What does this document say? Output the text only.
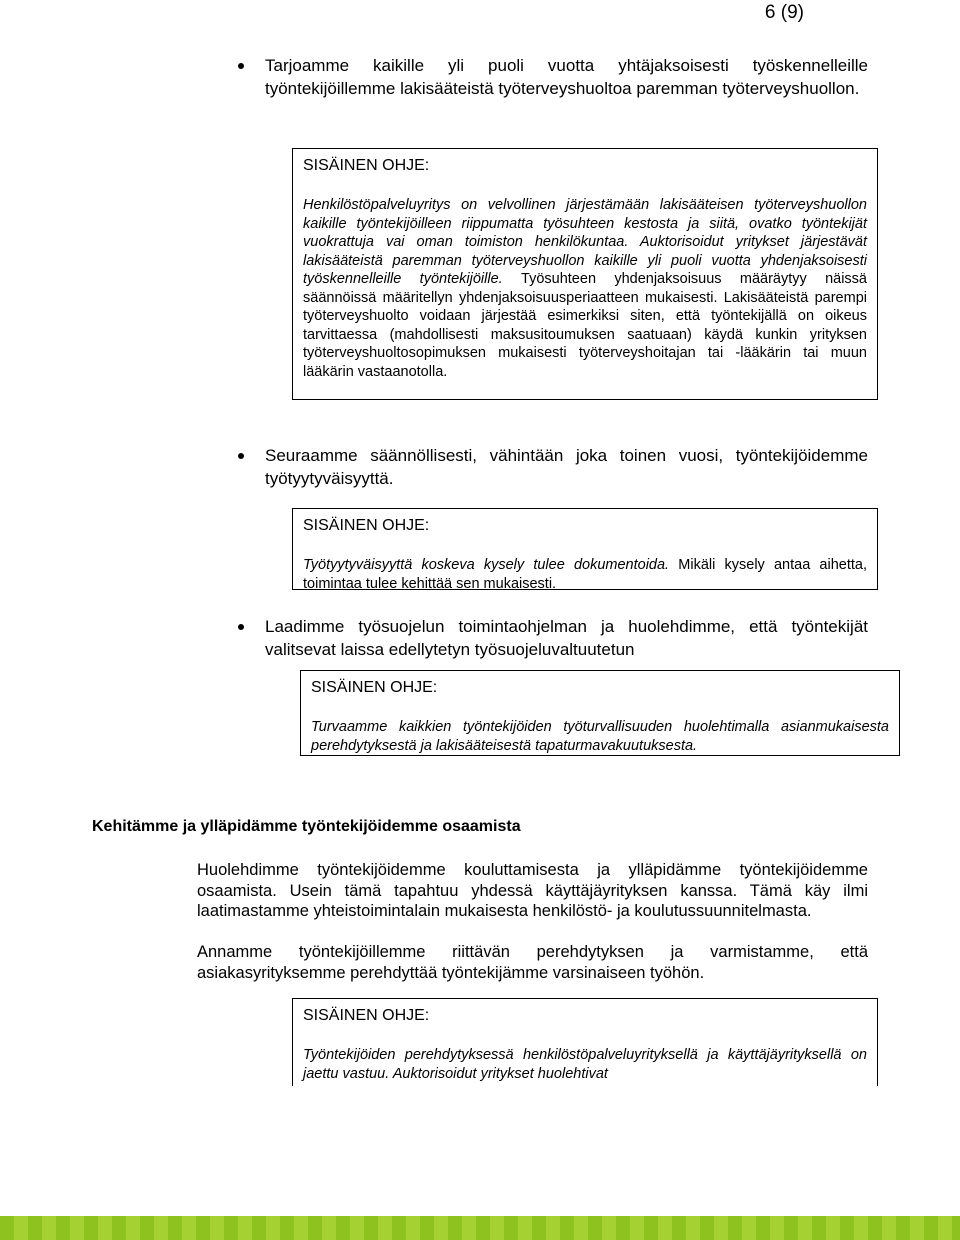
6 (9)
Tarjoamme kaikille yli puoli vuotta yhtäjaksoisesti työskennelleille työntekijöillemme lakisääteistä työterveyshuoltoa paremman työterveyshuollon.
SISÄINEN OHJE:
Henkilöstöpalveluyritys on velvollinen järjestämään lakisääteisen työterveyshuollon kaikille työntekijöilleen riippumatta työsuhteen kestosta ja siitä, ovatko työntekijät vuokrattuja vai oman toimiston henkilökuntaa. Auktorisoidut yritykset järjestävät lakisääteistä paremman työterveyshuollon kaikille yli puoli vuotta yhdenjaksoisesti työskennelleille työntekijöille. Työsuhteen yhdenjaksoisuus määräytyy näissä säännöissä määritellyn yhdenjaksoisuusperiaatteen mukaisesti. Lakisääteistä parempi työterveyshuolto voidaan järjestää esimerkiksi siten, että työntekijällä on oikeus tarvittaessa (mahdollisesti maksusitoumuksen saatuaan) käydä kunkin yrityksen työterveyshuoltosopimuksen mukaisesti työterveyshoitajan tai -lääkärin tai muun lääkärin vastaanotolla.
Seuraamme säännöllisesti, vähintään joka toinen vuosi, työntekijöidemme työtyytyväisyyttä.
SISÄINEN OHJE:
Työtyytyväisyyttä koskeva kysely tulee dokumentoida. Mikäli kysely antaa aihetta, toimintaa tulee kehittää sen mukaisesti.
Laadimme työsuojelun toimintaohjelman ja huolehdimme, että työntekijät valitsevat laissa edellytetyn työsuojeluvaltuutetun
SISÄINEN OHJE:
Turvaamme kaikkien työntekijöiden työturvallisuuden huolehtimalla asianmukaisesta perehdytyksestä ja lakisääteisestä tapaturmavakuutuksesta.
Kehitämme ja ylläpidämme työntekijöidemme osaamista
Huolehdimme työntekijöidemme kouluttamisesta ja ylläpidämme työntekijöidemme osaamista. Usein tämä tapahtuu yhdessä käyttäjäyrityksen kanssa. Tämä käy ilmi laatimastamme yhteistoimintalain mukaisesta henkilöstö- ja koulutussuunnitelmasta.
Annamme työntekijöillemme riittävän perehdytyksen ja varmistamme, että asiakasyrityksemme perehdyttää työntekijämme varsinaiseen työhön.
SISÄINEN OHJE:
Työntekijöiden perehdytyksessä henkilöstöpalveluyrityksellä ja käyttäjäyrityksellä on jaettu vastuu. Auktorisoidut yritykset huolehtivat
